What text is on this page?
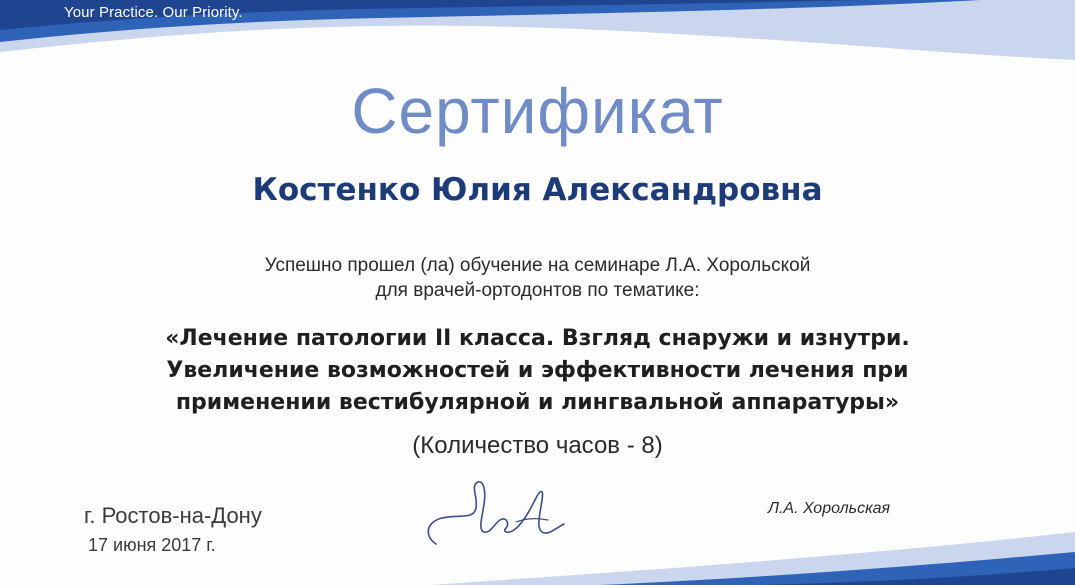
Your Practice. Our Priority.
Сертификат
Костенко Юлия Александровна
Успешно прошел (ла) обучение на семинаре Л.А. Хорольской
для врачей-ортодонтов по тематике:
«Лечение патологии II класса. Взгляд снаружи и изнутри.
Увеличение возможностей и эффективности лечения при
применении вестибулярной и лингвальной аппаратуры»
(Количество часов - 8)
г. Ростов-на-Дону
17 июня 2017 г.
Л.А. Хорольская
